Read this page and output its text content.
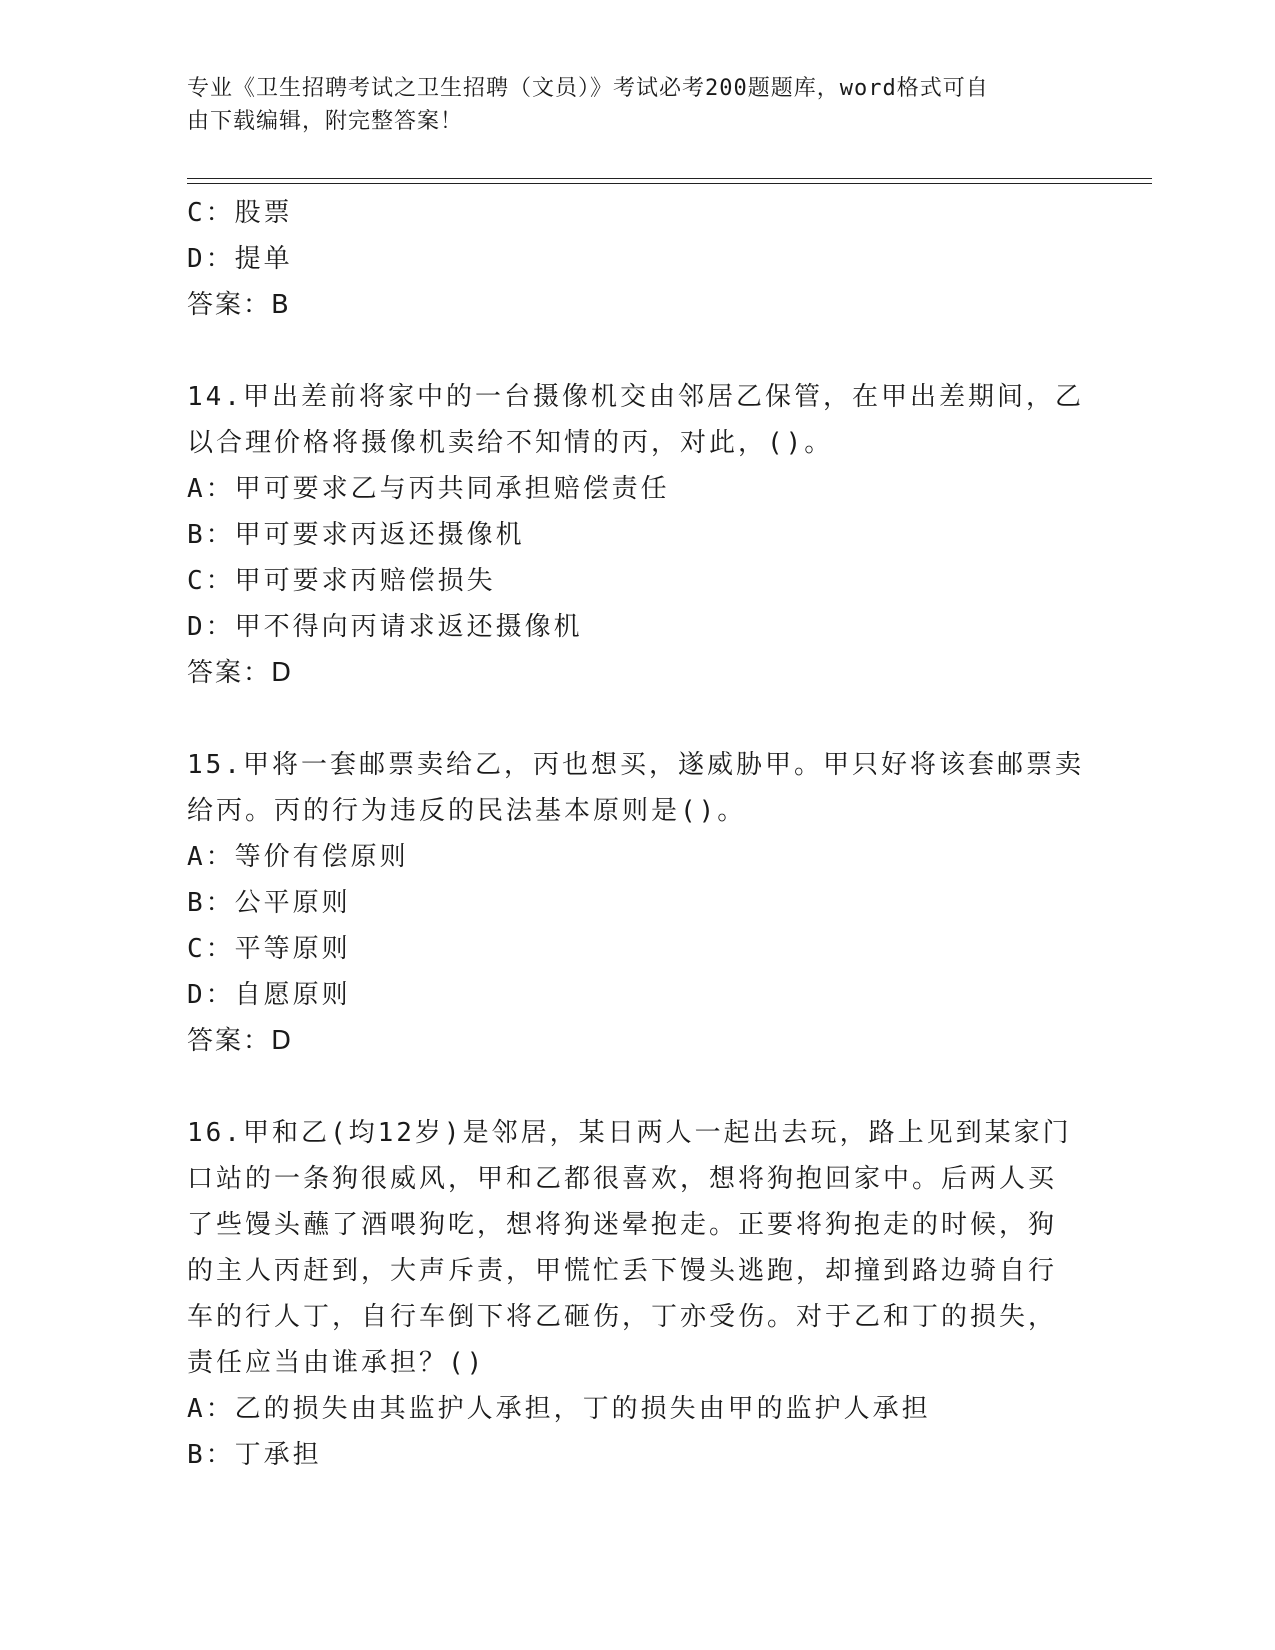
专业《卫生招聘考试之卫生招聘（文员）》考试必考200题题库，word格式可自
由下载编辑，附完整答案！
C：股票
D：提单
答案：B
14.甲出差前将家中的一台摄像机交由邻居乙保管，在甲出差期间，乙
以合理价格将摄像机卖给不知情的丙，对此，()。
A：甲可要求乙与丙共同承担赔偿责任
B：甲可要求丙返还摄像机
C：甲可要求丙赔偿损失
D：甲不得向丙请求返还摄像机
答案：D
15.甲将一套邮票卖给乙，丙也想买，遂威胁甲。甲只好将该套邮票卖
给丙。丙的行为违反的民法基本原则是()。
A：等价有偿原则
B：公平原则
C：平等原则
D：自愿原则
答案：D
16.甲和乙(均12岁)是邻居，某日两人一起出去玩，路上见到某家门
口站的一条狗很威风，甲和乙都很喜欢，想将狗抱回家中。后两人买
了些馒头蘸了酒喂狗吃，想将狗迷晕抱走。正要将狗抱走的时候，狗
的主人丙赶到，大声斥责，甲慌忙丢下馒头逃跑，却撞到路边骑自行
车的行人丁，自行车倒下将乙砸伤，丁亦受伤。对于乙和丁的损失，
责任应当由谁承担？()
A：乙的损失由其监护人承担，丁的损失由甲的监护人承担
B：丁承担
